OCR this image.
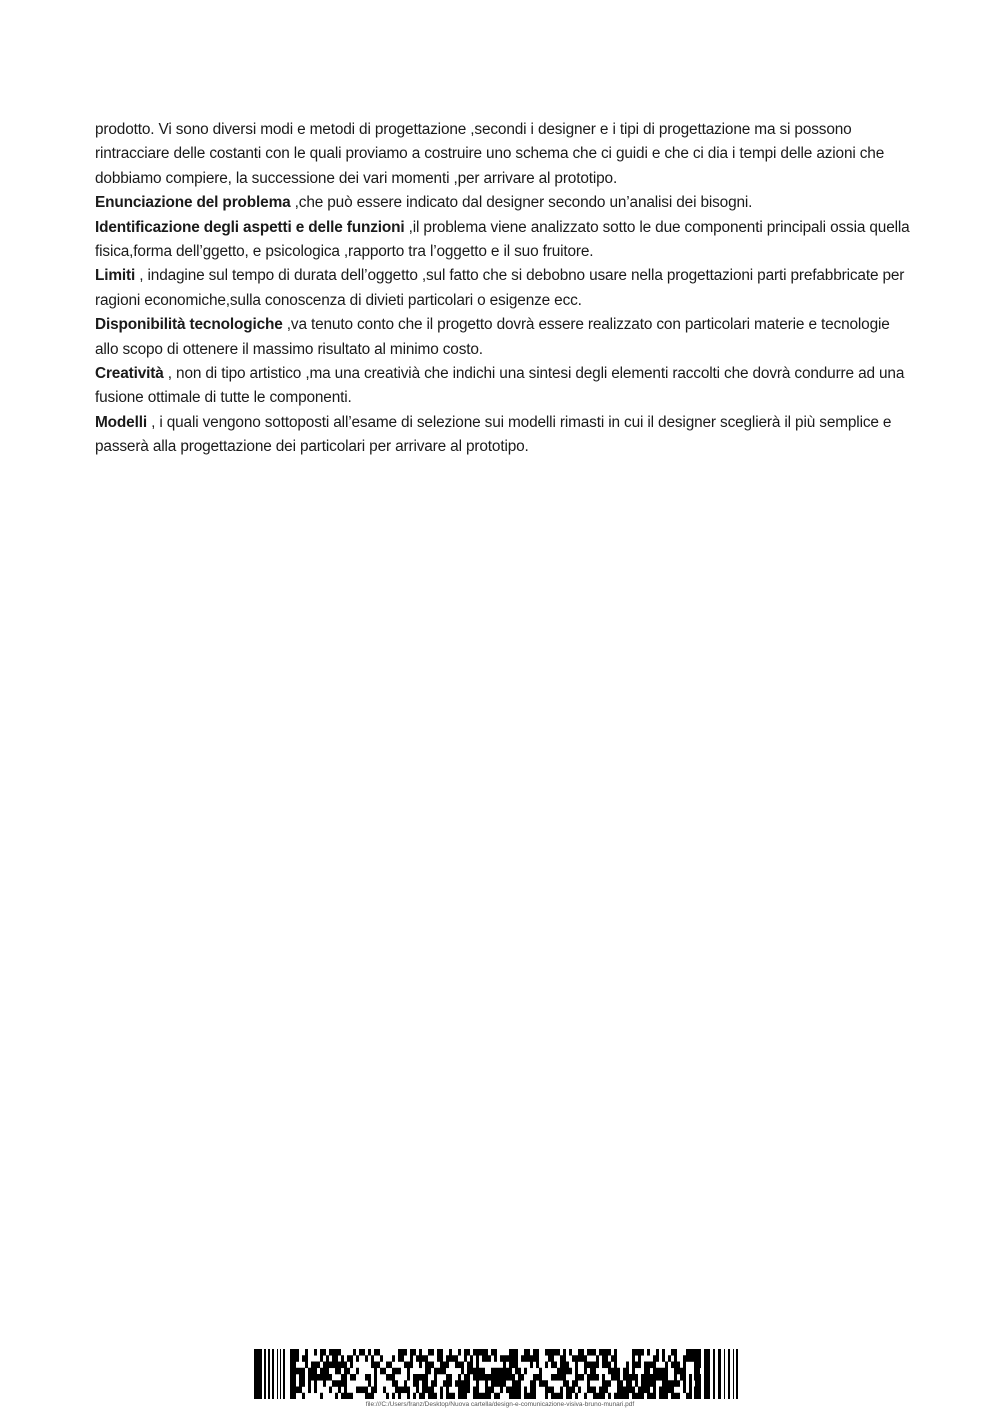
prodotto. Vi sono diversi modi e metodi di progettazione ,secondi i designer e i tipi di progettazione ma si possono rintracciare delle costanti con le quali proviamo a costruire uno schema che ci guidi e che ci dia i tempi delle azioni che dobbiamo compiere, la successione dei vari momenti ,per arrivare al prototipo.

Enunciazione del problema ,che può essere indicato dal designer secondo un’analisi dei bisogni.

Identificazione degli aspetti e delle funzioni ,il problema viene analizzato sotto le due componenti principali ossia quella fisica,forma dell’ggetto, e psicologica ,rapporto tra l’oggetto e il suo fruitore.

Limiti , indagine sul tempo di durata dell’oggetto ,sul fatto che si debobno usare nella progettazioni parti prefabbricate per ragioni economiche,sulla conoscenza di divieti particolari o esigenze ecc.

Disponibilità tecnologiche ,va tenuto conto che il progetto dovrà essere realizzato con particolari materie e tecnologie allo scopo di ottenere il massimo risultato al minimo costo.

Creatività , non di tipo artistico ,ma una creativià che indichi una sintesi degli elementi raccolti che dovrà condurre ad una fusione ottimale di tutte le componenti.

Modelli , i quali vengono sottoposti all’esame di selezione sui modelli rimasti in cui il designer sceglierà il più semplice e passerà alla progettazione dei particolari per arrivare al prototipo.

file:///C:/Users/franz/Desktop/Nuova cartella/design-e-comunicazione-visiva-bruno-munari.pdf
